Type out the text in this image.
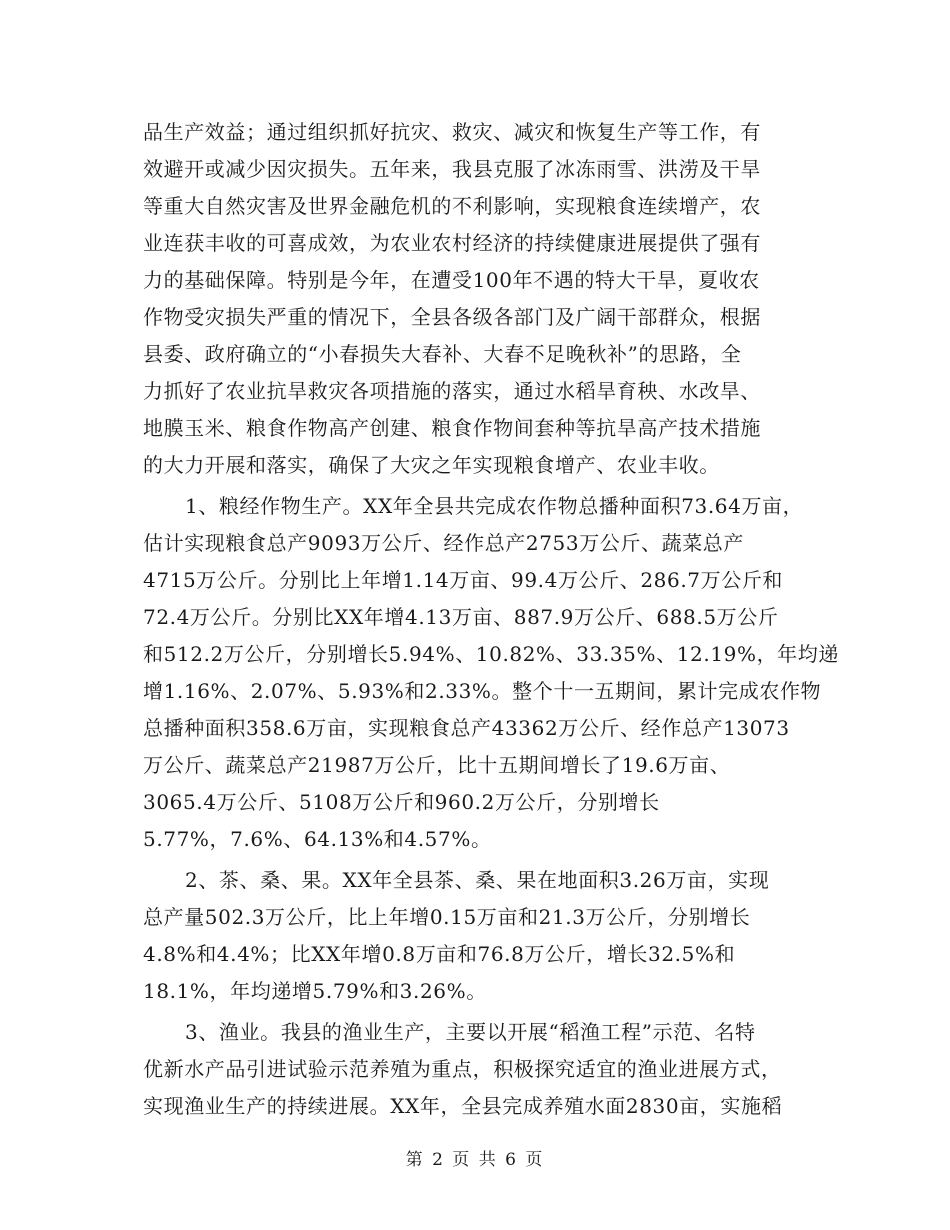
品生产效益；通过组织抓好抗灾、救灾、减灾和恢复生产等工作，有
效避开或减少因灾损失。五年来，我县克服了冰冻雨雪、洪涝及干旱
等重大自然灾害及世界金融危机的不利影响，实现粮食连续增产，农
业连获丰收的可喜成效，为农业农村经济的持续健康进展提供了强有
力的基础保障。特别是今年，在遭受100年不遇的特大干旱，夏收农
作物受灾损失严重的情况下，全县各级各部门及广阔干部群众，根据
县委、政府确立的“小春损失大春补、大春不足晚秋补”的思路，全
力抓好了农业抗旱救灾各项措施的落实，通过水稻旱育秧、水改旱、
地膜玉米、粮食作物高产创建、粮食作物间套种等抗旱高产技术措施
的大力开展和落实，确保了大灾之年实现粮食增产、农业丰收。
1、粮经作物生产。XX年全县共完成农作物总播种面积73.64万亩，
估计实现粮食总产9093万公斤、经作总产2753万公斤、蔬菜总产
4715万公斤。分别比上年增1.14万亩、99.4万公斤、286.7万公斤和
72.4万公斤。分别比XX年增4.13万亩、887.9万公斤、688.5万公斤
和512.2万公斤，分别增长5.94%、10.82%、33.35%、12.19%，年均递
增1.16%、2.07%、5.93%和2.33%。整个十一五期间，累计完成农作物
总播种面积358.6万亩，实现粮食总产43362万公斤、经作总产13073
万公斤、蔬菜总产21987万公斤，比十五期间增长了19.6万亩、
3065.4万公斤、5108万公斤和960.2万公斤，分别增长
5.77%，7.6%、64.13%和4.57%。
2、茶、桑、果。XX年全县茶、桑、果在地面积3.26万亩，实现
总产量502.3万公斤，比上年增0.15万亩和21.3万公斤，分别增长
4.8%和4.4%；比XX年增0.8万亩和76.8万公斤，增长32.5%和
18.1%，年均递增5.79%和3.26%。
3、渔业。我县的渔业生产，主要以开展“稻渔工程”示范、名特
优新水产品引进试验示范养殖为重点，积极探究适宜的渔业进展方式，
实现渔业生产的持续进展。XX年，全县完成养殖水面2830亩，实施稻
第 2 页 共 6 页
